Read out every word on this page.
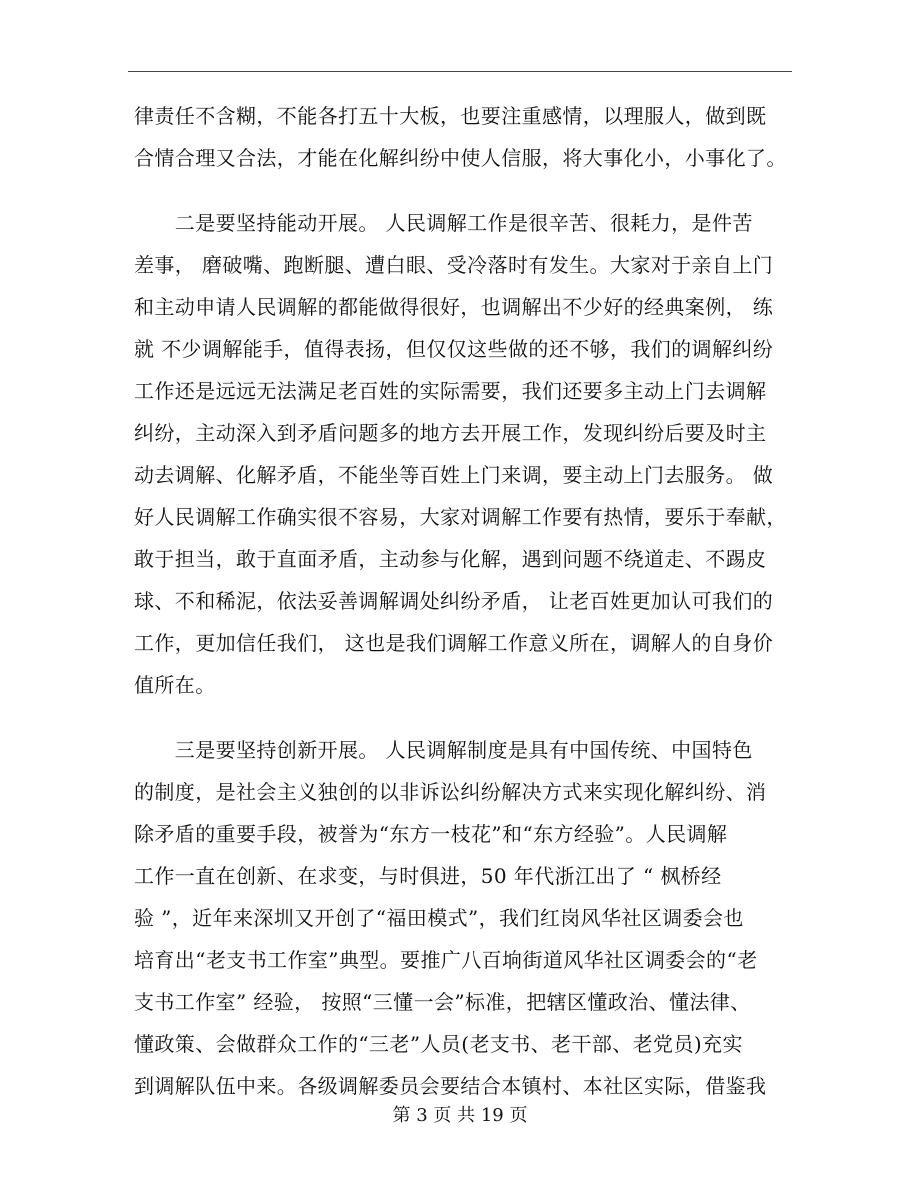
律责任不含糊，不能各打五十大板，也要注重感情，以理服人，做到既
合情合理又合法，才能在化解纠纷中使人信服，将大事化小，小事化了。
　　二是要坚持能动开展。 人民调解工作是很辛苦、很耗力，是件苦
差事， 磨破嘴、跑断腿、遭白眼、受冷落时有发生。大家对于亲自上门
和主动申请人民调解的都能做得很好，也调解出不少好的经典案例， 练
就 不少调解能手，值得表扬，但仅仅这些做的还不够，我们的调解纠纷
工作还是远远无法满足老百姓的实际需要，我们还要多主动上门去调解
纠纷，主动深入到矛盾问题多的地方去开展工作，发现纠纷后要及时主
动去调解、化解矛盾，不能坐等百姓上门来调，要主动上门去服务。 做
好人民调解工作确实很不容易，大家对调解工作要有热情，要乐于奉献，
敢于担当，敢于直面矛盾，主动参与化解，遇到问题不绕道走、不踢皮
球、不和稀泥，依法妥善调解调处纠纷矛盾， 让老百姓更加认可我们的
工作，更加信任我们， 这也是我们调解工作意义所在，调解人的自身价
值所在。
　　三是要坚持创新开展。 人民调解制度是具有中国传统、中国特色
的制度，是社会主义独创的以非诉讼纠纷解决方式来实现化解纠纷、消
除矛盾的重要手段，被誉为“东方一枝花”和“东方经验”。人民调解
工作一直在创新、在求变，与时俱进，50 年代浙江出了 “ 枫桥经
验 ”，近年来深圳又开创了“福田模式”，我们红岗风华社区调委会也
培育出“老支书工作室”典型。要推广八百垧街道风华社区调委会的“老
支书工作室” 经验， 按照“三懂一会”标准，把辖区懂政治、懂法律、
懂政策、会做群众工作的“三老”人员(老支书、老干部、老党员)充实
到调解队伍中来。各级调解委员会要结合本镇村、本社区实际，借鉴我
第 3 页 共 19 页
